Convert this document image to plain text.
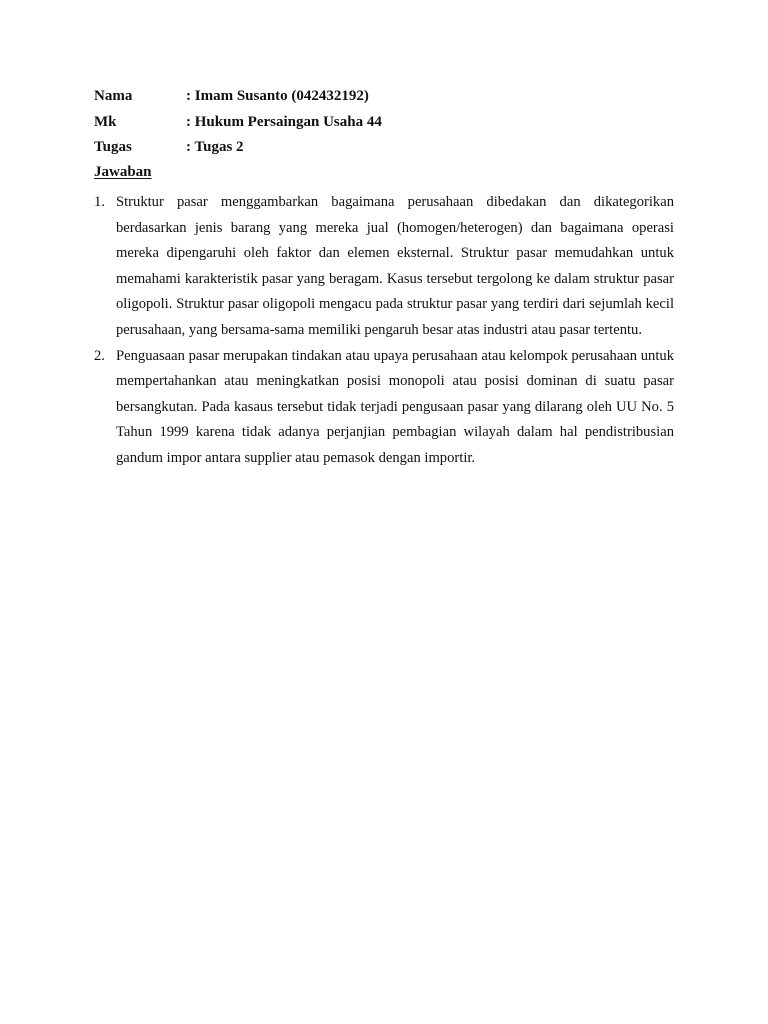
Nama	: Imam Susanto (042432192)
Mk	: Hukum Persaingan Usaha 44
Tugas	: Tugas 2
Jawaban
1. Struktur pasar menggambarkan bagaimana perusahaan dibedakan dan dikategorikan berdasarkan jenis barang yang mereka jual (homogen/heterogen) dan bagaimana operasi mereka dipengaruhi oleh faktor dan elemen eksternal. Struktur pasar memudahkan untuk memahami karakteristik pasar yang beragam. Kasus tersebut tergolong ke dalam struktur pasar oligopoli. Struktur pasar oligopoli mengacu pada struktur pasar yang terdiri dari sejumlah kecil perusahaan, yang bersama-sama memiliki pengaruh besar atas industri atau pasar tertentu.
2. Penguasaan pasar merupakan tindakan atau upaya perusahaan atau kelompok perusahaan untuk mempertahankan atau meningkatkan posisi monopoli atau posisi dominan di suatu pasar bersangkutan. Pada kasaus tersebut tidak terjadi pengusaan pasar yang dilarang oleh UU No. 5 Tahun 1999 karena tidak adanya perjanjian pembagian wilayah dalam hal pendistribusian gandum impor antara supplier atau pemasok dengan importir.
